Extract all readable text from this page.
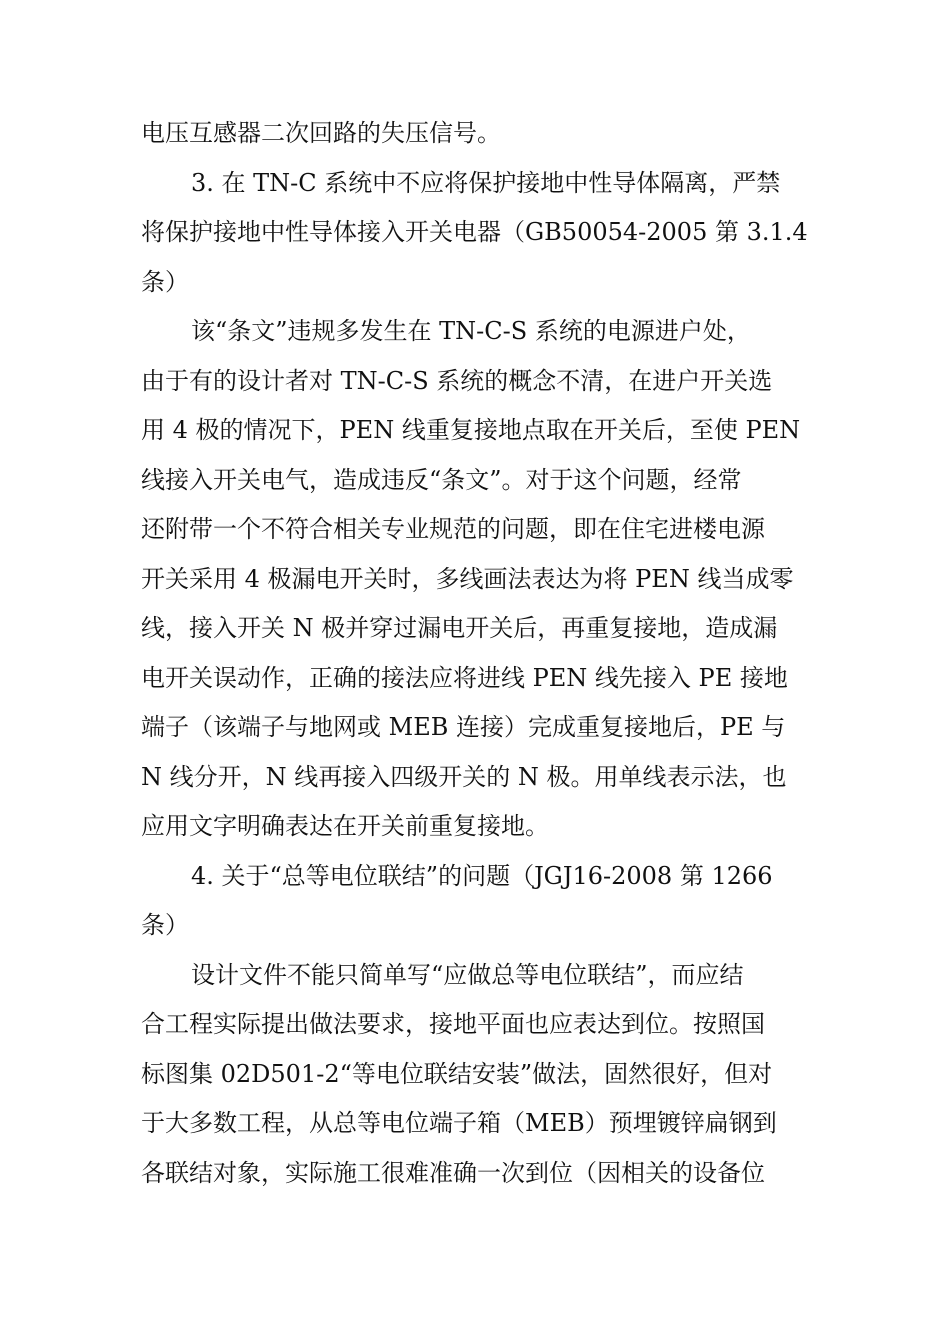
电压互感器二次回路的失压信号。

3. 在 TN-C 系统中不应将保护接地中性导体隔离，严禁

将保护接地中性导体接入开关电器（GB50054-2005 第 3.1.4

条）

该“条文”违规多发生在 TN-C-S 系统的电源进户处，

由于有的设计者对 TN-C-S 系统的概念不清，在进户开关选

用 4 极的情况下，PEN 线重复接地点取在开关后，至使 PEN

线接入开关电气，造成违反“条文”。对于这个问题，经常

还附带一个不符合相关专业规范的问题，即在住宅进楼电源

开关采用 4 极漏电开关时，多线画法表达为将 PEN 线当成零

线，接入开关 N 极并穿过漏电开关后，再重复接地，造成漏

电开关误动作，正确的接法应将进线 PEN 线先接入 PE 接地

端子（该端子与地网或 MEB 连接）完成重复接地后，PE 与

N 线分开，N 线再接入四级开关的 N 极。用单线表示法，也

应用文字明确表达在开关前重复接地。

4. 关于“总等电位联结”的问题（JGJ16-2008 第 1266

条）

设计文件不能只简单写“应做总等电位联结”，而应结

合工程实际提出做法要求，接地平面也应表达到位。按照国

标图集 02D501-2“等电位联结安装”做法，固然很好，但对

于大多数工程，从总等电位端子箱（MEB）预埋镀锌扁钢到

各联结对象，实际施工很难准确一次到位（因相关的设备位
